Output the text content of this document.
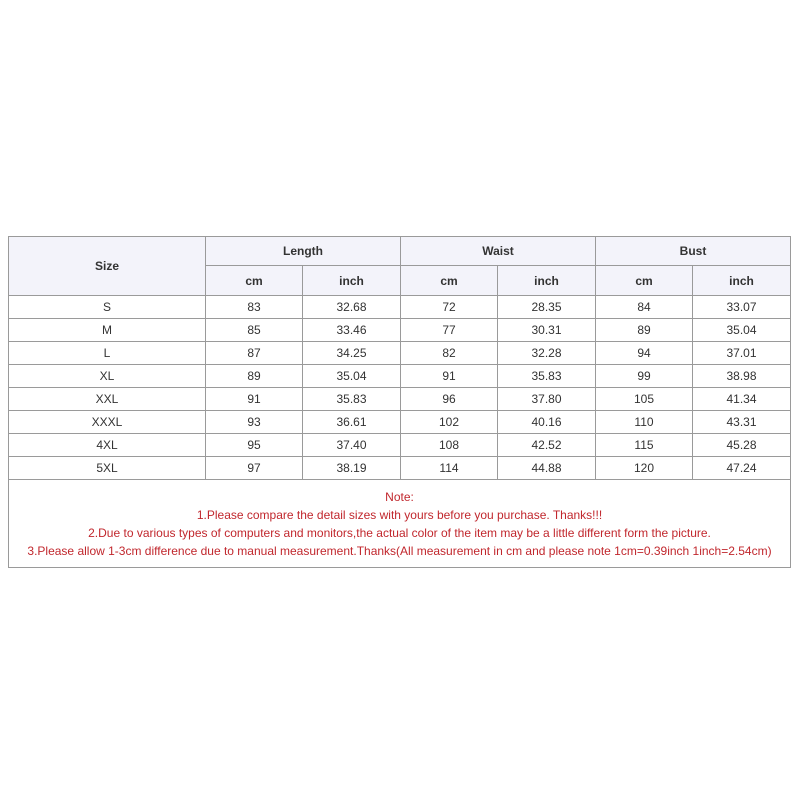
Size	Length		Waist		Bust	
	cm	inch	cm	inch	cm	inch
S	83	32.68	72	28.35	84	33.07
M	85	33.46	77	30.31	89	35.04
L	87	34.25	82	32.28	94	37.01
XL	89	35.04	91	35.83	99	38.98
XXL	91	35.83	96	37.80	105	41.34
XXXL	93	36.61	102	40.16	110	43.31
4XL	95	37.40	108	42.52	115	45.28
5XL	97	38.19	114	44.88	120	47.24

Note:
1.Please compare the detail sizes with yours before you purchase. Thanks!!!
2.Due to various types of computers and monitors,the actual color of the item may be a little different form the picture.
3.Please allow 1-3cm difference due to manual measurement.Thanks(All measurement in cm and please note 1cm=0.39inch 1inch=2.54cm)						
